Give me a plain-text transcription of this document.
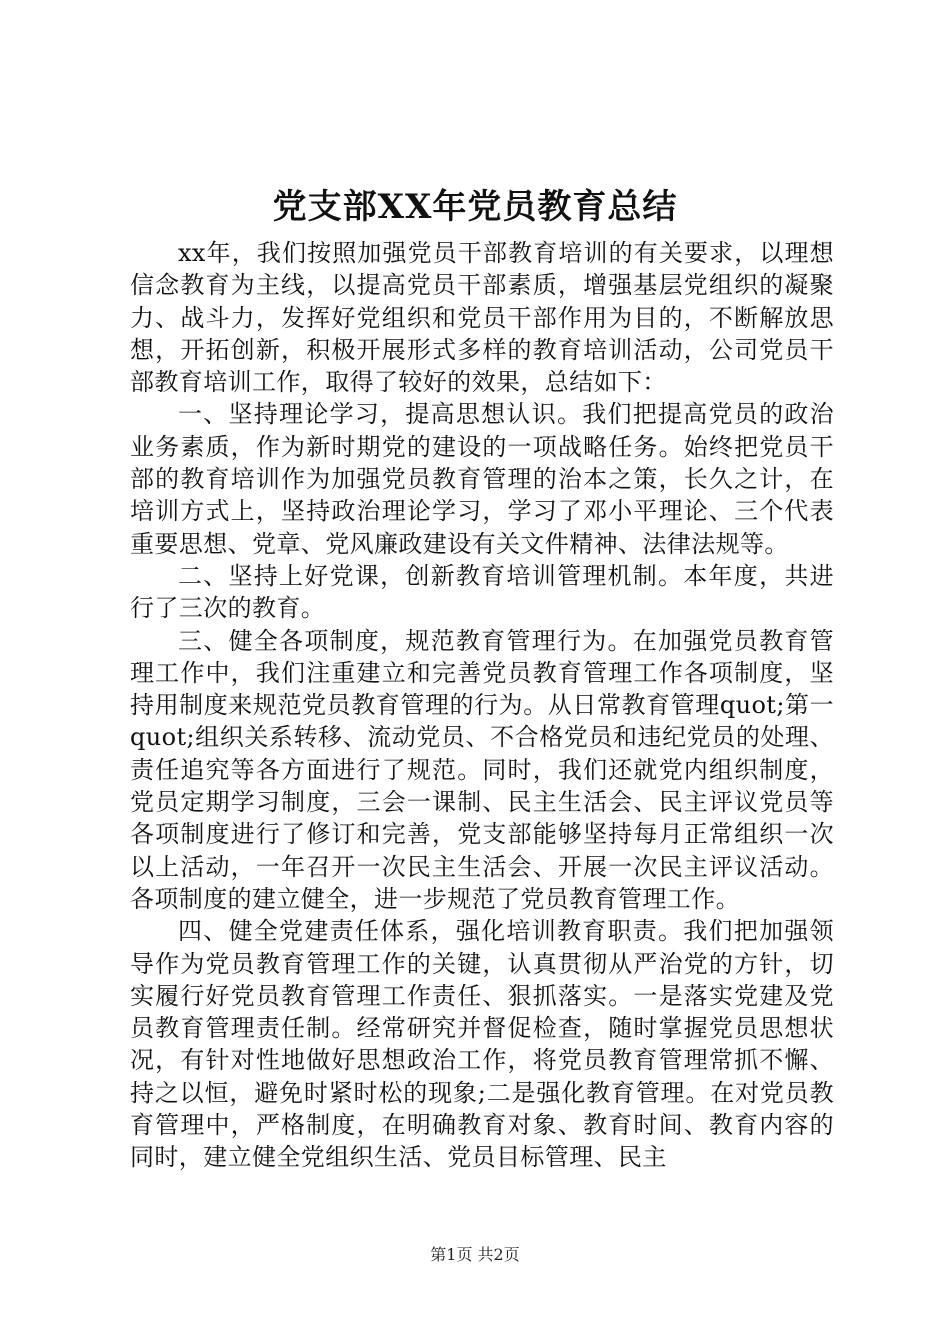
党支部XX年党员教育总结

xx年，我们按照加强党员干部教育培训的有关要求，以理想信念教育为主线，以提高党员干部素质，增强基层党组织的凝聚力、战斗力，发挥好党组织和党员干部作用为目的，不断解放思想，开拓创新，积极开展形式多样的教育培训活动，公司党员干部教育培训工作，取得了较好的效果，总结如下：

一、坚持理论学习，提高思想认识。我们把提高党员的政治业务素质，作为新时期党的建设的一项战略任务。始终把党员干部的教育培训作为加强党员教育管理的治本之策，长久之计，在培训方式上，坚持政治理论学习，学习了邓小平理论、三个代表重要思想、党章、党风廉政建设有关文件精神、法律法规等。

二、坚持上好党课，创新教育培训管理机制。本年度，共进行了三次的教育。

三、健全各项制度，规范教育管理行为。在加强党员教育管理工作中，我们注重建立和完善党员教育管理工作各项制度，坚持用制度来规范党员教育管理的行为。从日常教育管理quot;第一quot;组织关系转移、流动党员、不合格党员和违纪党员的处理、责任追究等各方面进行了规范。同时，我们还就党内组织制度，党员定期学习制度，三会一课制、民主生活会、民主评议党员等各项制度进行了修订和完善，党支部能够坚持每月正常组织一次以上活动，一年召开一次民主生活会、开展一次民主评议活动。各项制度的建立健全，进一步规范了党员教育管理工作。

四、健全党建责任体系，强化培训教育职责。我们把加强领导作为党员教育管理工作的关键，认真贯彻从严治党的方针，切实履行好党员教育管理工作责任、狠抓落实。一是落实党建及党员教育管理责任制。经常研究并督促检查，随时掌握党员思想状况，有针对性地做好思想政治工作，将党员教育管理常抓不懈、持之以恒，避免时紧时松的现象;二是强化教育管理。在对党员教育管理中，严格制度，在明确教育对象、教育时间、教育内容的同时，建立健全党组织生活、党员目标管理、民主

第1页 共2页
